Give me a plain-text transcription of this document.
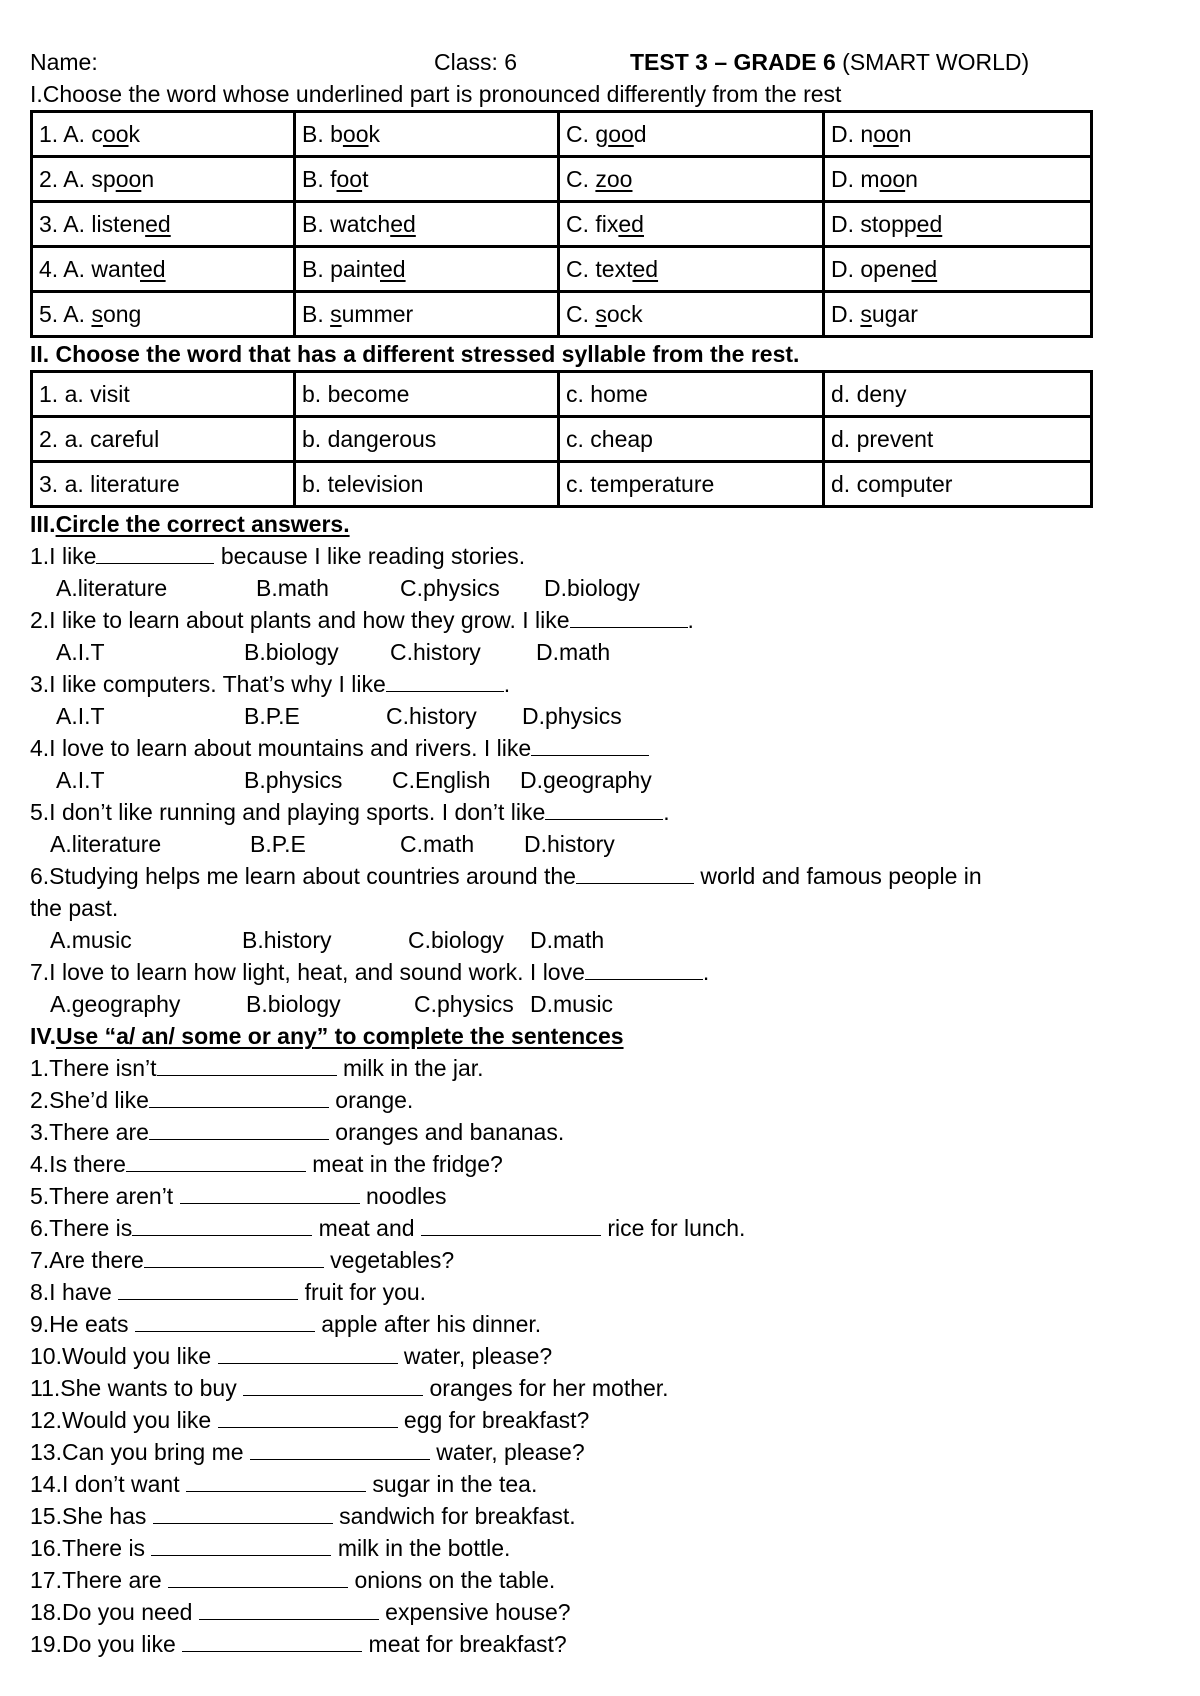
Name:	Class: 6	TEST 3 – GRADE 6 (SMART WORLD)
I.Choose the word whose underlined part is pronounced differently from the rest
1. A. cook	B. book	C. good	D. noon
2. A. spoon	B. foot	C. zoo	D. moon
3. A. listened	B. watched	C. fixed	D. stopped
4. A. wanted	B. painted	C. texted	D. opened
5. A. song	B. summer	C. sock	D. sugar
II. Choose the word that has a different stressed syllable from the rest.
1. a. visit	b. become	c. home	d. deny
2. a. careful	b. dangerous	c. cheap	d. prevent
3. a. literature	b. television	c. temperature	d. computer
III.Circle the correct answers.
1.I like	because I like reading stories.
A.literature	B.math	C.physics D.biology
2.I like to learn about plants and how they grow. I like	.
A.I.T	B.biology C.history D.math
3.I like computers. That’s why I like	.
A.I.T	B.P.E	C.history D.physics
4.I love to learn about mountains and rivers. I like
A.I.T	B.physics C.English D.geography
5.I don’t like running and playing sports. I don’t like	.
A.literature	B.P.E	C.math D.history
6.Studying helps me learn about countries around the	world and famous people in
the past.
A.music	B.history	C.biology D.math
7.I love to learn how light, heat, and sound work. I love	.
A.geography	B.biology	C.physics D.music
IV.Use “a/ an/ some or any” to complete the sentences
1.There isn’t	milk in the jar.
2.She’d like	orange.
3.There are	oranges and bananas.
4.Is there	meat in the fridge?
5.There aren’t	noodles
6.There is	meat and	rice for lunch.
7.Are there	vegetables?
8.I have	fruit for you.
9.He eats	apple after his dinner.
10.Would you like	water, please?
11.She wants to buy	oranges for her mother.
12.Would you like	egg for breakfast?
13.Can you bring me	water, please?
14.I don’t want	sugar in the tea.
15.She has	sandwich for breakfast.
16.There is	milk in the bottle.
17.There are	onions on the table.
18.Do you need	expensive house?
19.Do you like	meat for breakfast?
